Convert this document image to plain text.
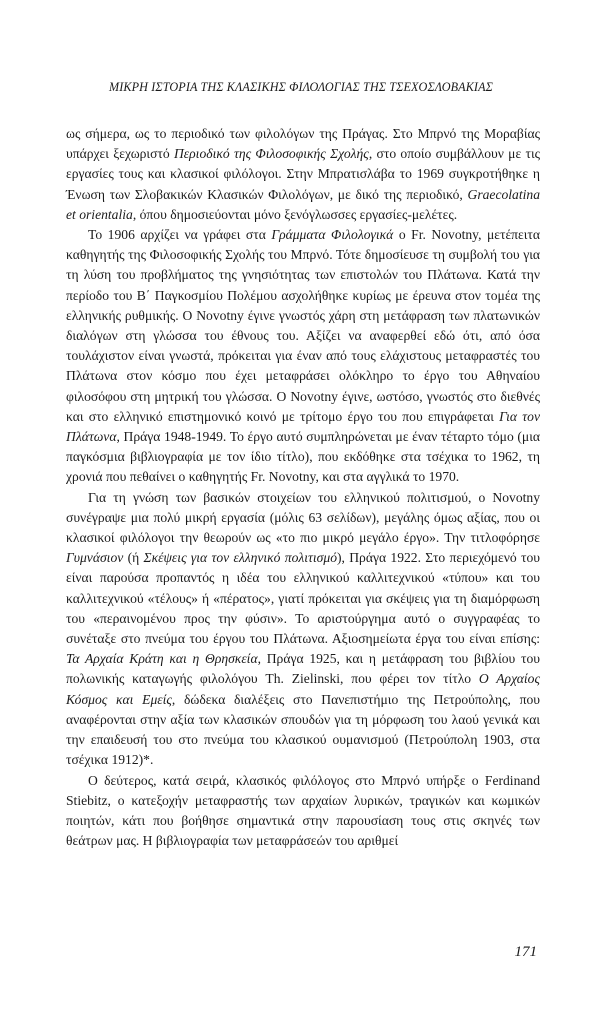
ΜΙΚΡΗ ΙΣΤΟΡΙΑ ΤΗΣ ΚΛΑΣΙΚΗΣ ΦΙΛΟΛΟΓΙΑΣ ΤΗΣ ΤΣΕΧΟΣΛΟΒΑΚΙΑΣ

ως σήμερα, ως το περιοδικό των φιλολόγων της Πράγας. Στο Μπρνό της Μοραβίας υπάρχει ξεχωριστό Περιοδικό της Φιλοσοφικής Σχολής, στο οποίο συμβάλλουν με τις εργασίες τους και κλασικοί φιλόλογοι. Στην Μπρατισλάβα το 1969 συγκροτήθηκε η Ένωση των Σλοβακικών Κλασικών Φιλολόγων, με δικό της περιοδικό, Graecolatina et orientalia, όπου δημοσιεύονται μόνο ξενόγλωσσες εργασίες-μελέτες.

Το 1906 αρχίζει να γράφει στα Γράμματα Φιλολογικά ο Fr. Novotny, μετέπειτα καθηγητής της Φιλοσοφικής Σχολής του Μπρνό. Τότε δημοσίευσε τη συμβολή του για τη λύση του προβλήματος της γνησιότητας των επιστολών του Πλάτωνα. Κατά την περίοδο του Β΄ Παγκοσμίου Πολέμου ασχολήθηκε κυρίως με έρευνα στον τομέα της ελληνικής ρυθμικής. Ο Novotny έγινε γνωστός χάρη στη μετάφραση των πλατωνικών διαλόγων στη γλώσσα του έθνους του. Αξίζει να αναφερθεί εδώ ότι, από όσα τουλάχιστον είναι γνωστά, πρόκειται για έναν από τους ελάχιστους μεταφραστές του Πλάτωνα στον κόσμο που έχει μεταφράσει ολόκληρο το έργο του Αθηναίου φιλοσόφου στη μητρική του γλώσσα. Ο Novotny έγινε, ωστόσο, γνωστός στο διεθνές και στο ελληνικό επιστημονικό κοινό με τρίτομο έργο του που επιγράφεται Για τον Πλάτωνα, Πράγα 1948-1949. Το έργο αυτό συμπληρώνεται με έναν τέταρτο τόμο (μια παγκόσμια βιβλιογραφία με τον ίδιο τίτλο), που εκδόθηκε στα τσέχικα το 1962, τη χρονιά που πεθαίνει ο καθηγητής Fr. Novotny, και στα αγγλικά το 1970.

Για τη γνώση των βασικών στοιχείων του ελληνικού πολιτισμού, ο Novotny συνέγραψε μια πολύ μικρή εργασία (μόλις 63 σελίδων), μεγάλης όμως αξίας, που οι κλασικοί φιλόλογοι την θεωρούν ως «το πιο μικρό μεγάλο έργο». Την τιτλοφόρησε Γυμνάσιον (ή Σκέψεις για τον ελληνικό πολιτισμό), Πράγα 1922. Στο περιεχόμενό του είναι παρούσα προπαντός η ιδέα του ελληνικού καλλιτεχνικού «τύπου» και του καλλιτεχνικού «τέλους» ή «πέρατος», γιατί πρόκειται για σκέψεις για τη διαμόρφωση του «περαινομένου προς την φύσιν». Το αριστούργημα αυτό ο συγγραφέας το συνέταξε στο πνεύμα του έργου του Πλάτωνα. Αξιοσημείωτα έργα του είναι επίσης: Τα Αρχαία Κράτη και η Θρησκεία, Πράγα 1925, και η μετάφραση του βιβλίου του πολωνικής καταγωγής φιλολόγου Th. Zielinski, που φέρει τον τίτλο Ο Αρχαίος Κόσμος και Εμείς, δώδεκα διαλέξεις στο Πανεπιστήμιο της Πετρούπολης, που αναφέρονται στην αξία των κλασικών σπουδών για τη μόρφωση του λαού γενικά και την επαιδευσή του στο πνεύμα του κλασικού ουμανισμού (Πετρούπολη 1903, στα τσέχικα 1912)*.

Ο δεύτερος, κατά σειρά, κλασικός φιλόλογος στο Μπρνό υπήρξε ο Ferdinand Stiebitz, ο κατεξοχήν μεταφραστής των αρχαίων λυρικών, τραγικών και κωμικών ποιητών, κάτι που βοήθησε σημαντικά στην παρουσίαση τους στις σκηνές των θεάτρων μας. Η βιβλιογραφία των μεταφράσεών του αριθμεί

171
